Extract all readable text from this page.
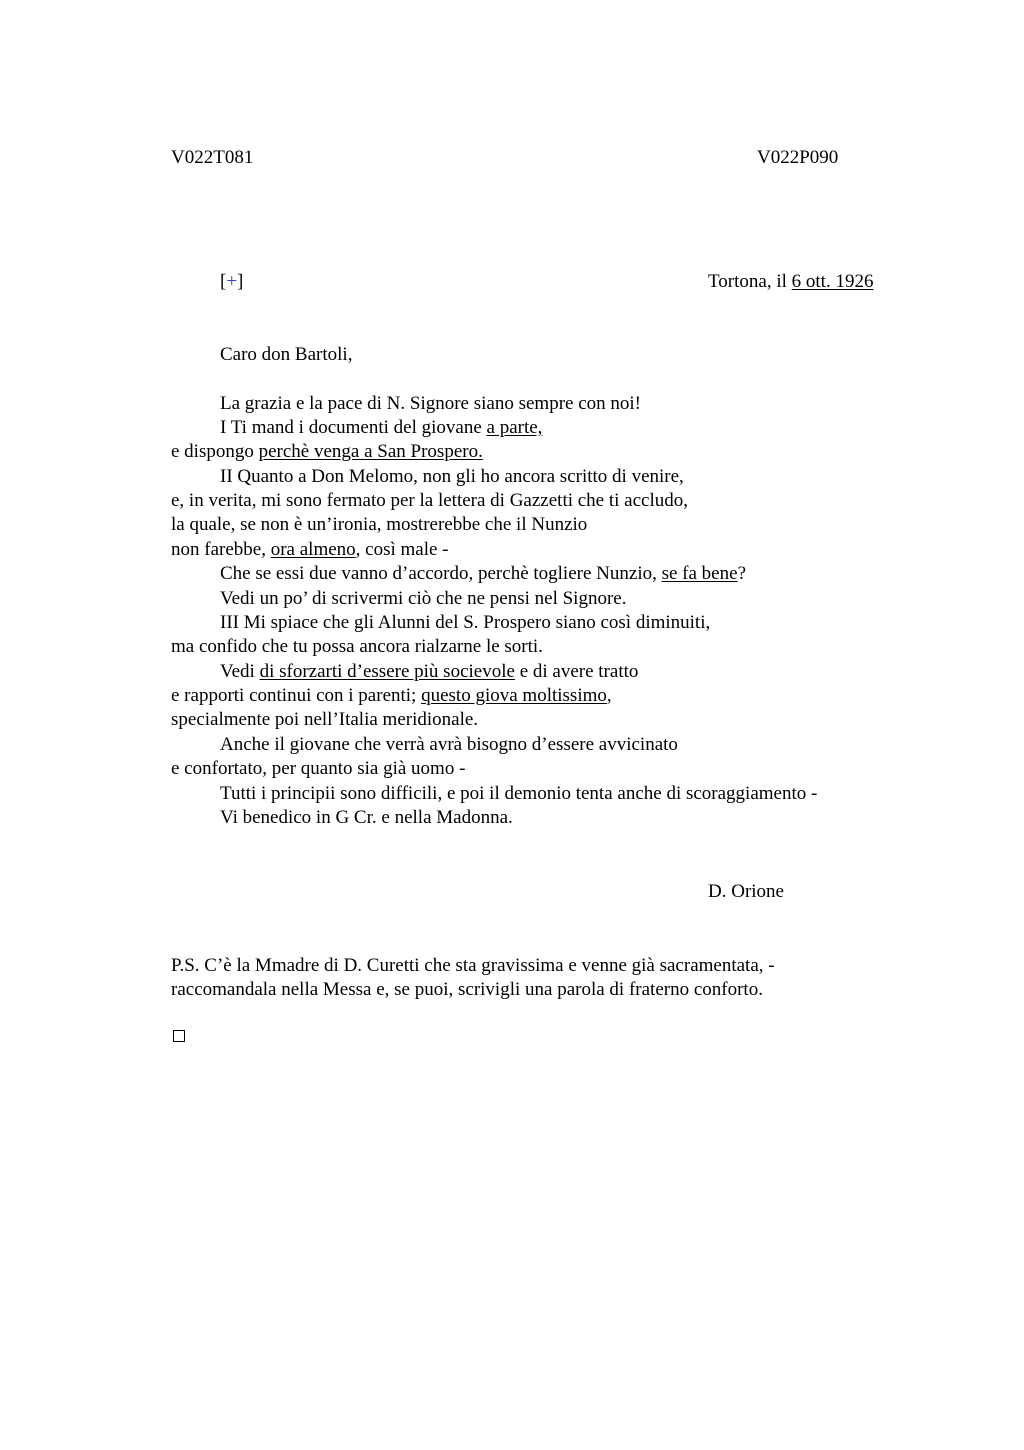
V022T081	V022P090
[+]	Tortona, il 6 ott. 1926
Caro don Bartoli,
La grazia e la pace di N. Signore siano sempre con noi!
I Ti mand i documenti del giovane a parte,
e dispongo perchè venga a San Prospero.
II Quanto a Don Melomo, non gli ho ancora scritto di venire,
e, in verita, mi sono fermato per la lettera di Gazzetti che ti accludo,
la quale, se non è un’ironia, mostrerebbe che il Nunzio
non farebbe, ora almeno, così male -
Che se essi due vanno d’accordo, perchè togliere Nunzio, se fa bene?
Vedi un po’ di scrivermi ciò che ne pensi nel Signore.
III Mi spiace che gli Alunni del S. Prospero siano così diminuiti,
ma confido che tu possa ancora rialzarne le sorti.
Vedi di sforzarti d’essere più socievole e di avere tratto
e rapporti continui con i parenti; questo giova moltissimo,
specialmente poi nell’Italia meridionale.
Anche il giovane che verrà avrà bisogno d’essere avvicinato
e confortato, per quanto sia già uomo -
Tutti i principii sono difficili, e poi il demonio tenta anche di scoraggiamento -
Vi benedico in G Cr. e nella Madonna.
D. Orione
P.S. C’è la Mmadre di D. Curetti che sta gravissima e venne già sacramentata, -
raccomandala nella Messa e, se puoi, scrivigli una parola di fraterno conforto.
